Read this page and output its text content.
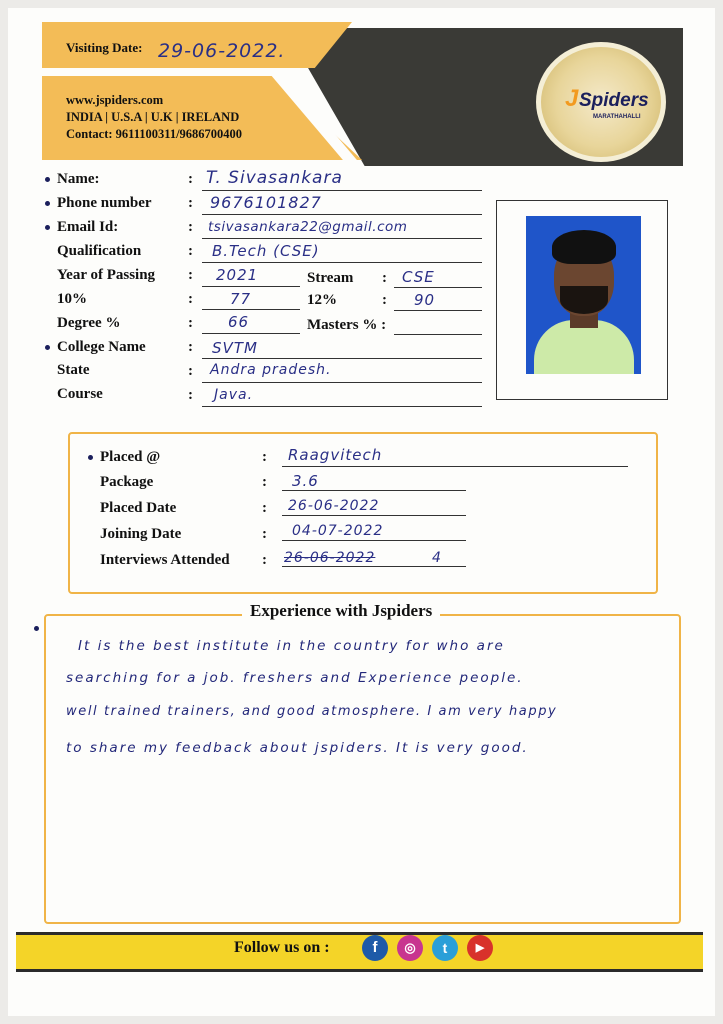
Visiting Date: 29-06-2022.
www.jspiders.com
INDIA | U.S.A | U.K | IRELAND
Contact: 9611100311/9686700400
J Spiders
MARATHAHALLI
Name:	: T. Sivasankara
Phone number : 9676101827
Email Id:	: tsivasankara22@gmail.com
Qualification	: B.Tech (CSE)
Year of Passing : 2021	Stream : CSE
10%	: 77	12%	: 90
Degree %	: 66	Masters % :
College Name	: SVTM
State	: Andra pradesh.
Course	: Java.
Placed @	: Raagvitech
Package	: 3.6
Placed Date	: 26-06-2022
Joining Date	: 04-07-2022
Interviews Attended : 26-06-2022	4
Experience with Jspiders
It is the best institute in the country for who are
searching for a job. freshers and Experience people.
well trained trainers, and good atmosphere. I am very happy
to share my feedback about jspiders. It is very good.
Follow us on :	f	◎	t	▶
